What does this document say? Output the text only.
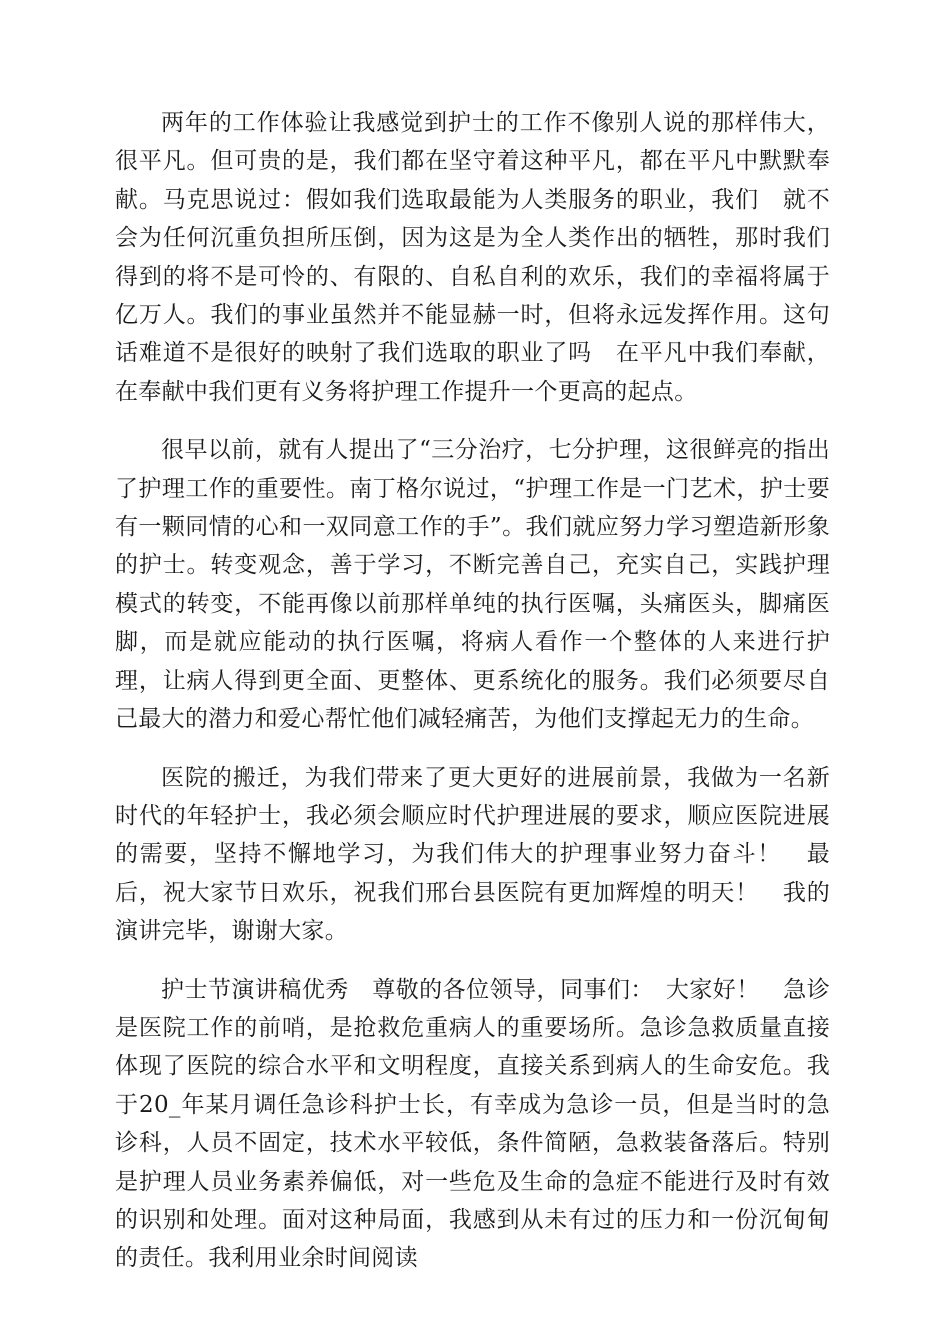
两年的工作体验让我感觉到护士的工作不像别人说的那样伟大，很平凡。但可贵的是，我们都在坚守着这种平凡，都在平凡中默默奉献。马克思说过：假如我们选取最能为人类服务的职业，我们　就不会为任何沉重负担所压倒，因为这是为全人类作出的牺牲，那时我们得到的将不是可怜的、有限的、自私自利的欢乐，我们的幸福将属于亿万人。我们的事业虽然并不能显赫一时，但将永远发挥作用。这句话难道不是很好的映射了我们选取的职业了吗　在平凡中我们奉献，在奉献中我们更有义务将护理工作提升一个更高的起点。

很早以前，就有人提出了“三分治疗，七分护理，这很鲜亮的指出了护理工作的重要性。南丁格尔说过，“护理工作是一门艺术，护士要有一颗同情的心和一双同意工作的手”。我们就应努力学习塑造新形象的护士。转变观念，善于学习，不断完善自己，充实自己，实践护理模式的转变，不能再像以前那样单纯的执行医嘱，头痛医头，脚痛医脚，而是就应能动的执行医嘱，将病人看作一个整体的人来进行护理，让病人得到更全面、更整体、更系统化的服务。我们必须要尽自己最大的潜力和爱心帮忙他们减轻痛苦，为他们支撑起无力的生命。

医院的搬迁，为我们带来了更大更好的进展前景，我做为一名新时代的年轻护士，我必须会顺应时代护理进展的要求，顺应医院进展的需要，坚持不懈地学习，为我们伟大的护理事业努力奋斗！　最后，祝大家节日欢乐，祝我们邢台县医院有更加辉煌的明天！　我的演讲完毕，谢谢大家。

护士节演讲稿优秀　尊敬的各位领导，同事们：　大家好！　急诊是医院工作的前哨，是抢救危重病人的重要场所。急诊急救质量直接体现了医院的综合水平和文明程度，直接关系到病人的生命安危。我于20_年某月调任急诊科护士长，有幸成为急诊一员，但是当时的急诊科，人员不固定，技术水平较低，条件简陋，急救装备落后。特别是护理人员业务素养偏低，对一些危及生命的急症不能进行及时有效的识别和处理。面对这种局面，我感到从未有过的压力和一份沉甸甸的责任。我利用业余时间阅读
